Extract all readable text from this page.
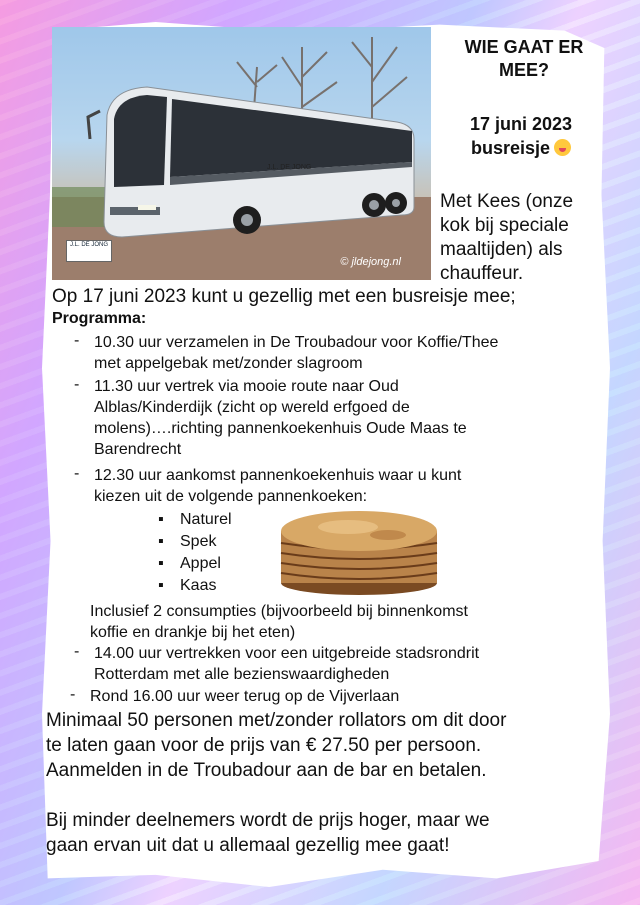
J.L. DE JONG
J.L. DE JONG
© jldejong.nl
WIE GAAT ER
MEE?
17 juni 2023
busreisje
Met Kees (onze
kok bij speciale
maaltijden) als
chauffeur.
Op 17 juni 2023 kunt u gezellig met een busreisje mee;
Programma:
- 10.30 uur verzamelen in De Troubadour voor Koffie/Thee
met appelgebak met/zonder slagroom
- 11.30 uur vertrek via mooie route naar Oud
Alblas/Kinderdijk (zicht op wereld erfgoed de
molens)….richting pannenkoekenhuis Oude Maas te
Barendrecht
- 12.30 uur aankomst pannenkoekenhuis waar u kunt
kiezen uit de volgende pannenkoeken:
▪ Naturel
▪ Spek
▪ Appel
▪ Kaas
Inclusief 2 consumpties (bijvoorbeeld bij binnenkomst
koffie en drankje bij het eten)
- 14.00 uur vertrekken voor een uitgebreide stadsrondrit
Rotterdam met alle bezienswaardigheden
- Rond 16.00 uur weer terug op de Vijverlaan
Minimaal 50 personen met/zonder rollators om dit door
te laten gaan voor de prijs van € 27.50 per persoon.
Aanmelden in de Troubadour aan de bar en betalen.
Bij minder deelnemers wordt de prijs hoger, maar we
gaan ervan uit dat u allemaal gezellig mee gaat!
